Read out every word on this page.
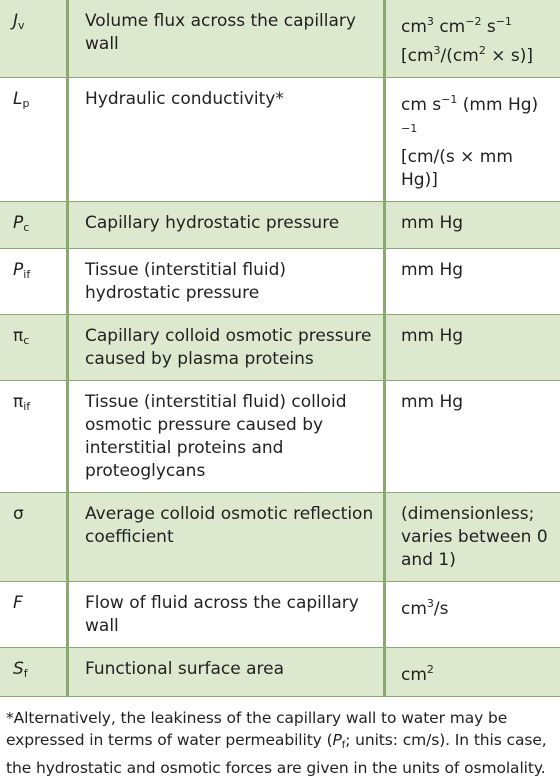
$J_v$	Volume flux across the capillary wall	$cm^3$ $cm^{-2}$ $s^{-1}$
$[cm^3/(cm^2 \times s)]$
$L_p$	Hydraulic conductivity*	cm $s^{-1}$ (mm Hg)$^{-1}$
[cm/(s × mm Hg)]
$P_c$	Capillary hydrostatic pressure	mm Hg
$P_{if}$	Tissue (interstitial fluid) hydrostatic pressure	mm Hg
$\pi_c$	Capillary colloid osmotic pressure caused by plasma proteins	mm Hg
$\pi_{if}$	Tissue (interstitial fluid) colloid osmotic pressure caused by interstitial proteins and proteoglycans	mm Hg
σ	Average colloid osmotic reflection coefficient	(dimensionless;
varies between 0
and 1)
F	Flow of fluid across the capillary wall	$cm^3/s$
$S_f$	Functional surface area	$cm^2$
*Alternatively, the leakiness of the capillary wall to water may be expressed in terms of water permeability ($P_f$; units: cm/s). In this case, the hydrostatic and osmotic forces are given in the units of osmolality.
